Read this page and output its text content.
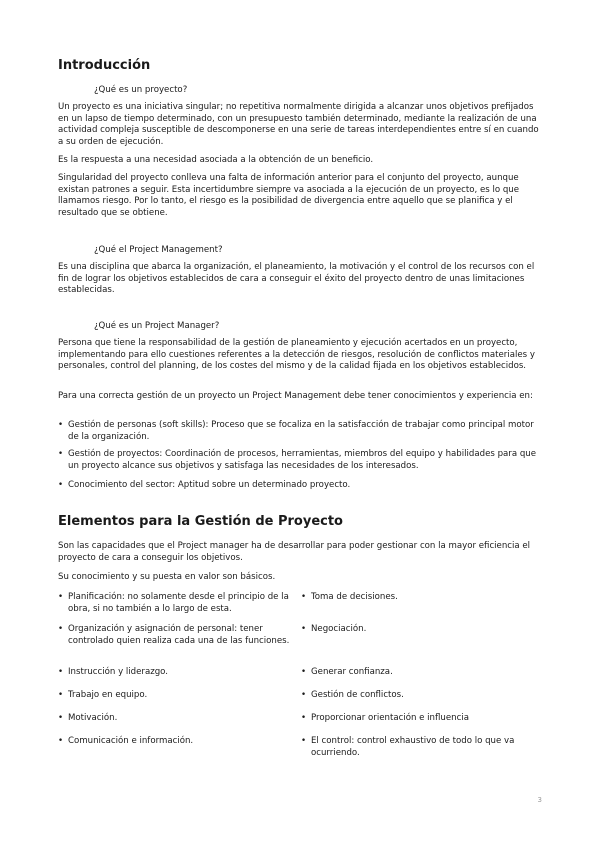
Introducción

¿Qué es un proyecto?

Un proyecto es una iniciativa singular; no repetitiva normalmente dirigida a alcanzar unos objetivos prefijados en un lapso de tiempo determinado, con un presupuesto también determinado, mediante la realización de una actividad compleja susceptible de descomponerse en una serie de tareas interdependientes entre sí en cuando a su orden de ejecución.

Es la respuesta a una necesidad asociada a la obtención de un beneficio.

Singularidad del proyecto conlleva una falta de información anterior para el conjunto del proyecto, aunque existan patrones a seguir. Esta incertidumbre siempre va asociada a la ejecución de un proyecto, es lo que llamamos riesgo. Por lo tanto, el riesgo es la posibilidad de divergencia entre aquello que se planifica y el resultado que se obtiene.

¿Qué el Project Management?

Es una disciplina que abarca la organización, el planeamiento, la motivación y el control de los recursos con el fin de lograr los objetivos establecidos de cara a conseguir el éxito del proyecto dentro de unas limitaciones establecidas.

¿Qué es un Project Manager?

Persona que tiene la responsabilidad de la gestión de planeamiento y ejecución acertados en un proyecto, implementando para ello cuestiones referentes a la detección de riesgos, resolución de conflictos materiales y personales, control del planning, de los costes del mismo y de la calidad fijada en los objetivos establecidos.

Para una correcta gestión de un proyecto un Project Management debe tener conocimientos y experiencia en:

• Gestión de personas (soft skills): Proceso que se focaliza en la satisfacción de trabajar como principal motor de la organización.
• Gestión de proyectos: Coordinación de procesos, herramientas, miembros del equipo y habilidades para que un proyecto alcance sus objetivos y satisfaga las necesidades de los interesados.
• Conocimiento del sector: Aptitud sobre un determinado proyecto.
Elementos para la Gestión de Proyecto

Son las capacidades que el Project manager ha de desarrollar para poder gestionar con la mayor eficiencia el proyecto de cara a conseguir los objetivos.

Su conocimiento y su puesta en valor son básicos.

• Planificación: no solamente desde el principio de la obra, si no también a lo largo de esta.
• Organización y asignación de personal: tener controlado quien realiza cada una de las funciones.
• Instrucción y liderazgo.
• Trabajo en equipo.
• Motivación.
• Comunicación e información.
• Toma de decisiones.
• Negociación.
• Generar confianza.
• Gestión de conflictos.
• Proporcionar orientación e influencia
• El control: control exhaustivo de todo lo que va ocurriendo.
3
